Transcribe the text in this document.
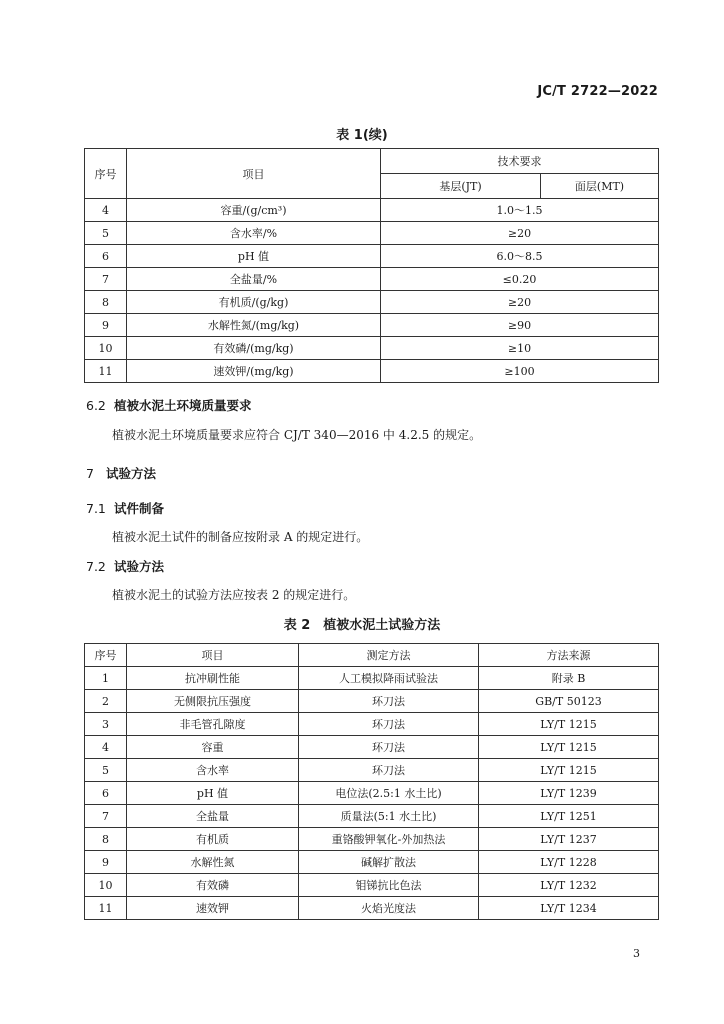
JC/T 2722—2022
表 1(续)
序号	项目	技术要求	
		基层(JT)	面层(MT)
4	容重/(g/cm³)	1.0～1.5	
5	含水率/%	≥20	
6	pH 值	6.0～8.5	
7	全盐量/%	≤0.20	
8	有机质/(g/kg)	≥20	
9	水解性氮/(mg/kg)	≥90	
10	有效磷/(mg/kg)	≥10	
11	速效钾/(mg/kg)	≥100	
6.2 植被水泥土环境质量要求
植被水泥土环境质量要求应符合 CJ/T 340—2016 中 4.2.5 的规定。
7 试验方法
7.1 试件制备
植被水泥土试件的制备应按附录 A 的规定进行。
7.2 试验方法
植被水泥土的试验方法应按表 2 的规定进行。
表 2　植被水泥土试验方法
序号	项目	测定方法	方法来源
1	抗冲刷性能	人工模拟降雨试验法	附录 B
2	无侧限抗压强度	环刀法	GB/T 50123
3	非毛管孔隙度	环刀法	LY/T 1215
4	容重	环刀法	LY/T 1215
5	含水率	环刀法	LY/T 1215
6	pH 值	电位法(2.5:1 水土比)	LY/T 1239
7	全盐量	质量法(5:1 水土比)	LY/T 1251
8	有机质	重铬酸钾氧化-外加热法	LY/T 1237
9	水解性氮	碱解扩散法	LY/T 1228
10	有效磷	钼锑抗比色法	LY/T 1232
11	速效钾	火焰光度法	LY/T 1234
3
